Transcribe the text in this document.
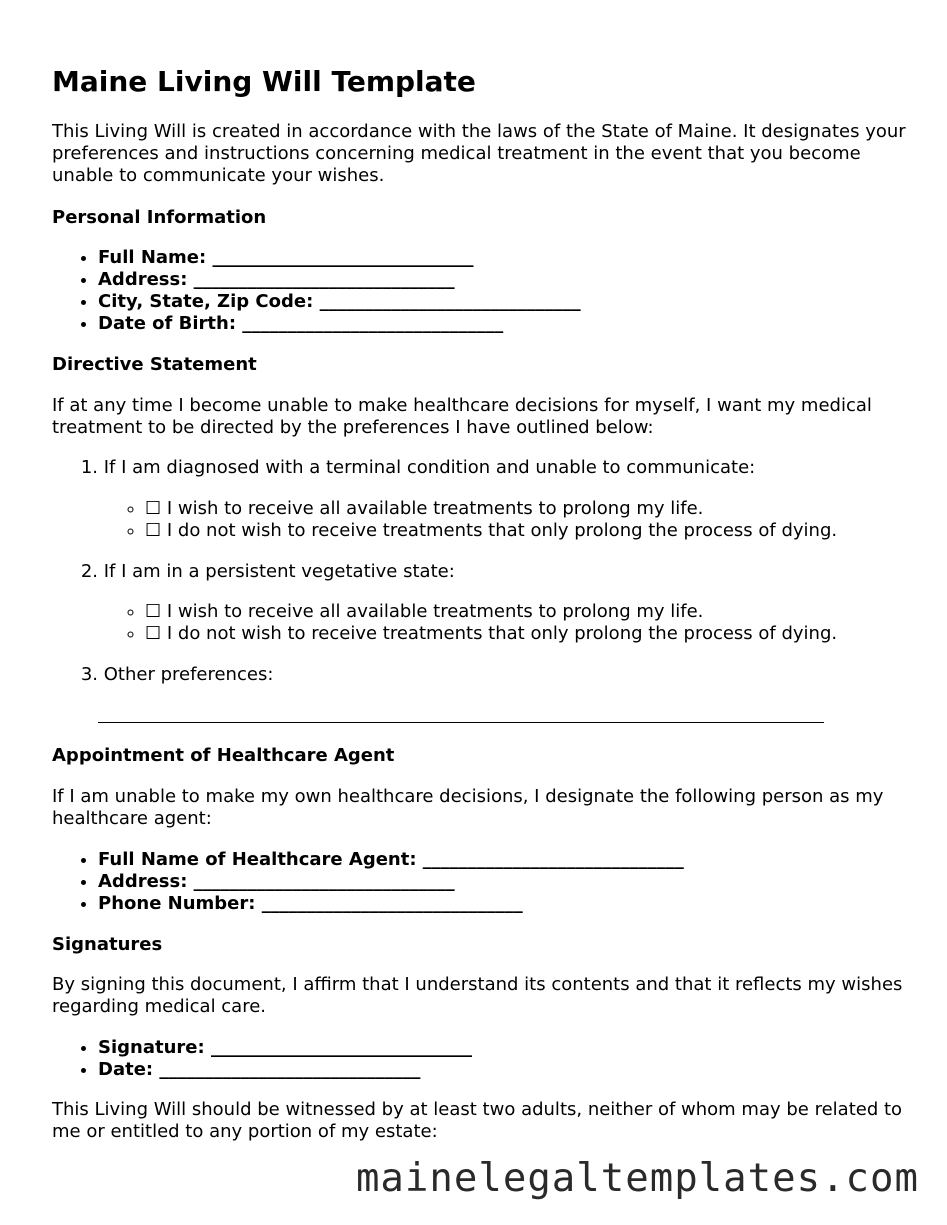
Maine Living Will Template

This Living Will is created in accordance with the laws of the State of Maine. It designates your preferences and instructions concerning medical treatment in the event that you become unable to communicate your wishes.

Personal Information
• Full Name: _____________________________
• Address: _____________________________
• City, State, Zip Code: _____________________________
• Date of Birth: _____________________________
Directive Statement

If at any time I become unable to make healthcare decisions for myself, I want my medical treatment to be directed by the preferences I have outlined below:

1. If I am diagnosed with a terminal condition and unable to communicate:
◦ ☐ I wish to receive all available treatments to prolong my life.
◦ ☐ I do not wish to receive treatments that only prolong the process of dying.
2. If I am in a persistent vegetative state:
◦ ☐ I wish to receive all available treatments to prolong my life.
◦ ☐ I do not wish to receive treatments that only prolong the process of dying.
3. Other preferences:
Appointment of Healthcare Agent

If I am unable to make my own healthcare decisions, I designate the following person as my healthcare agent:

• Full Name of Healthcare Agent: _____________________________
• Address: _____________________________
• Phone Number: _____________________________
Signatures

By signing this document, I affirm that I understand its contents and that it reflects my wishes regarding medical care.

• Signature: _____________________________
• Date: _____________________________

This Living Will should be witnessed by at least two adults, neither of whom may be related to me or entitled to any portion of my estate:

mainelegaltemplates.com
